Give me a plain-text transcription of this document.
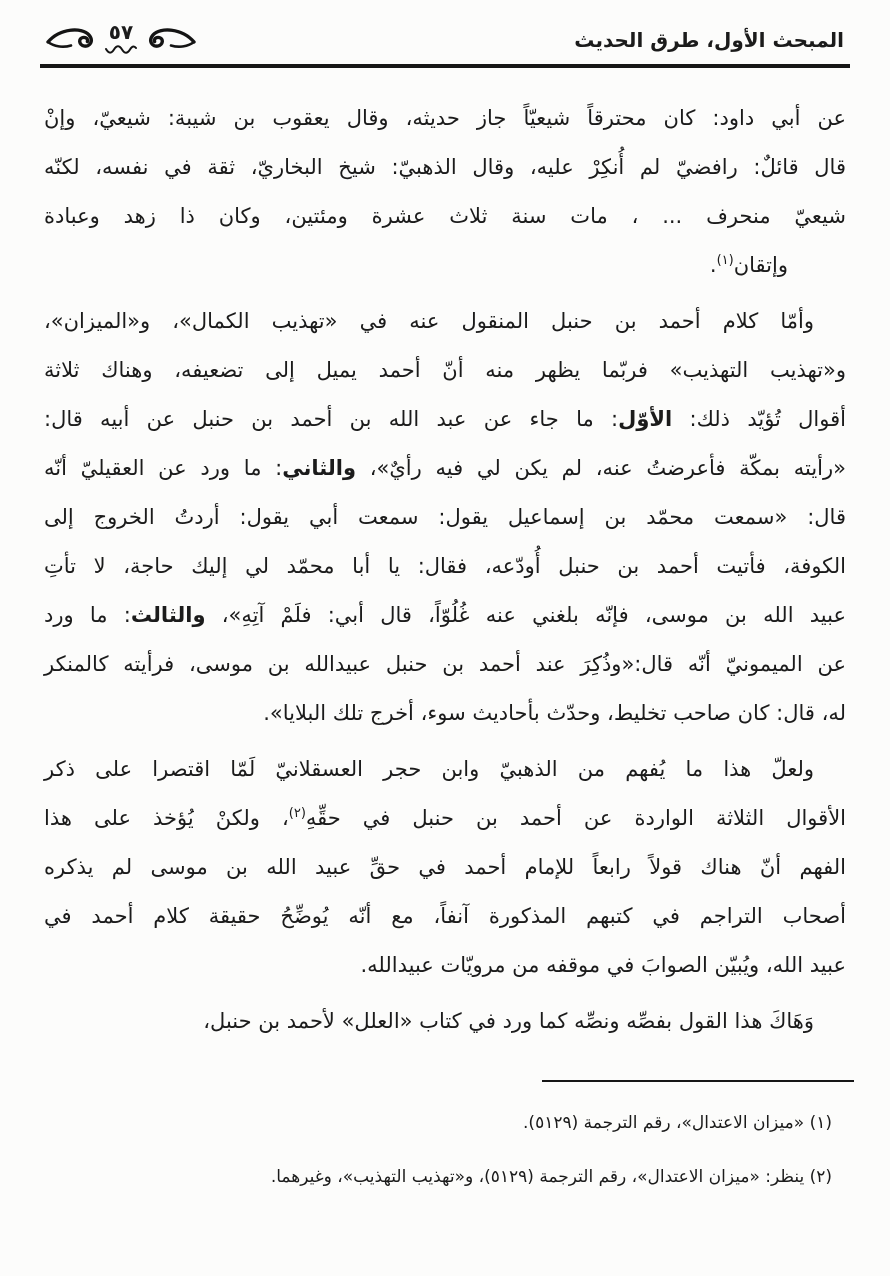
المبحث الأول، طرق الحديث
٥٧
عن أبي داود: كان محترقاً شيعيّاً جاز حديثه، وقال يعقوب بن شيبة: شيعيّ، وإنْ
قال قائلٌ: رافضيّ لم أُنكِرْ عليه، وقال الذهبيّ: شيخ البخاريّ، ثقة في نفسه، لكنّه
شيعيّ منحرف ... ، مات سنة ثلاث عشرة ومئتين، وكان ذا زهد وعبادة
وإتقان$^{(١)}$.
وأمّا كلام أحمد بن حنبل المنقول عنه في «تهذيب الكمال»، و«الميزان»،
و«تهذيب التهذيب» فربّما يظهر منه أنّ أحمد يميل إلى تضعيفه، وهناك ثلاثة
أقوال تُؤيّد ذلك: الأوّل: ما جاء عن عبد الله بن أحمد بن حنبل عن أبيه قال:
«رأيته بمكّة فأعرضتُ عنه، لم يكن لي فيه رأيٌ»، والثاني: ما ورد عن العقيليّ أنّه
قال: «سمعت محمّد بن إسماعيل يقول: سمعت أبي يقول: أردتُ الخروج إلى
الكوفة، فأتيت أحمد بن حنبل أُودّعه، فقال: يا أبا محمّد لي إليك حاجة، لا تأتِ
عبيد الله بن موسى، فإنّه بلغني عنه غُلُوّاً، قال أبي: فلَمْ آتِهِ»، والثالث: ما ورد
عن الميمونيّ أنّه قال:«وذُكِرَ عند أحمد بن حنبل عبيدالله بن موسى، فرأيته كالمنكر
له، قال: كان صاحب تخليط، وحدّث بأحاديث سوء، أخرج تلك البلايا».
ولعلّ هذا ما يُفهم من الذهبيّ وابن حجر العسقلانيّ لَمّا اقتصرا على ذكر
الأقوال الثلاثة الواردة عن أحمد بن حنبل في حقِّهِ$^{(٢)}$، ولكنْ يُؤخذ على هذا
الفهم أنّ هناك قولاً رابعاً للإمام أحمد في حقِّ عبيد الله بن موسى لم يذكره
أصحاب التراجم في كتبهم المذكورة آنفاً، مع أنّه يُوضِّحُ حقيقة كلام أحمد في
عبيد الله، ويُبيّن الصوابَ في موقفه من مرويّات عبيدالله.
وَهَاكَ هذا القول بفصِّه ونصِّه كما ورد في كتاب «العلل» لأحمد بن حنبل،
(١) «ميزان الاعتدال»، رقم الترجمة (٥١٢٩).
(٢) ينظر: «ميزان الاعتدال»، رقم الترجمة (٥١٢٩)، و«تهذيب التهذيب»، وغيرهما.
